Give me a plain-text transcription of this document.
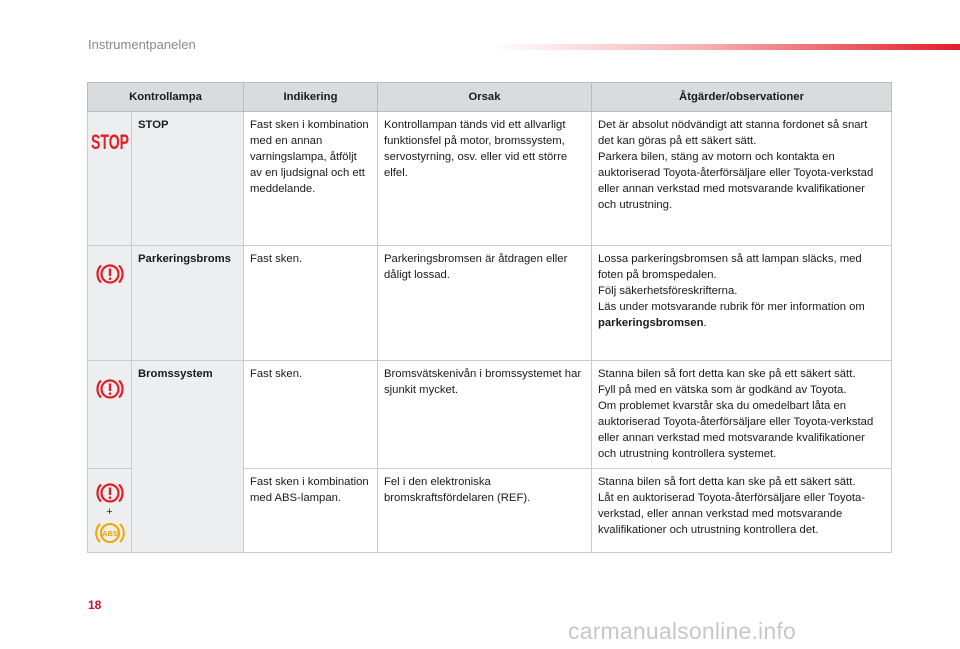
Instrumentpanelen
Kontrollampa		Indikering	Orsak	Åtgärder/observationer

STOP	STOP	Fast sken i kombination med en annan varningslampa, åtföljt av en ljudsignal och ett meddelande.	Kontrollampan tänds vid ett allvarligt funktionsfel på motor, bromssystem, servostyrning, osv. eller vid ett större elfel.	Det är absolut nödvändigt att stanna fordonet så snart det kan göras på ett säkert sätt.
Parkera bilen, stäng av motorn och kontakta en auktoriserad Toyota-återförsäljare eller Toyota-verkstad eller annan verkstad med motsvarande kvalifikationer och utrustning.

	Parkeringsbroms	Fast sken.	Parkeringsbromsen är åtdragen eller dåligt lossad.	Lossa parkeringsbromsen så att lampan släcks, med foten på bromspedalen.
Följ säkerhetsföreskrifterna.
Läs under motsvarande rubrik för mer information om parkeringsbromsen.

	Bromssystem	Fast sken.	Bromsvätskenivån i bromssystemet har sjunkit mycket.	Stanna bilen så fort detta kan ske på ett säkert sätt.
Fyll på med en vätska som är godkänd av Toyota.
Om problemet kvarstår ska du omedelbart låta en auktoriserad Toyota-återförsäljare eller Toyota-verkstad eller annan verkstad med motsvarande kvalifikationer och utrustning kontrollera systemet.

+
ABS		Fast sken i kombination med ABS-lampan.	Fel i den elektroniska bromskraftsfördelaren (REF).	Stanna bilen så fort detta kan ske på ett säkert sätt.
Låt en auktoriserad Toyota-återförsäljare eller Toyota-verkstad, eller annan verkstad med motsvarande kvalifikationer och utrustning kontrollera det.
18
carmanualsonline.info
